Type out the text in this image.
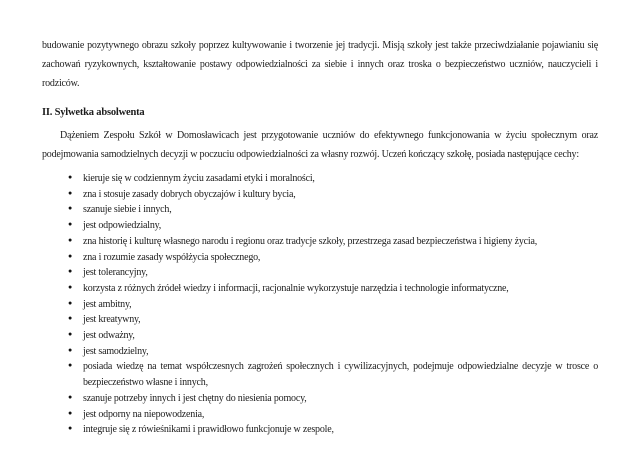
budowanie pozytywnego obrazu szkoły poprzez kultywowanie i tworzenie jej tradycji. Misją szkoły jest także przeciwdziałanie pojawianiu się zachowań ryzykownych, kształtowanie postawy odpowiedzialności za siebie i innych oraz troska o bezpieczeństwo uczniów, nauczycieli i rodziców.

II. Sylwetka absolwenta

Dążeniem Zespołu Szkół w Domosławicach jest przygotowanie uczniów do efektywnego funkcjonowania w życiu społecznym oraz podejmowania samodzielnych decyzji w poczuciu odpowiedzialności za własny rozwój. Uczeń kończący szkołę, posiada następujące cechy:

● kieruje się w codziennym życiu zasadami etyki i moralności,
● zna i stosuje zasady dobrych obyczajów i kultury bycia,
● szanuje siebie i innych,
● jest odpowiedzialny,
● zna historię i kulturę własnego narodu i regionu oraz tradycje szkoły, przestrzega zasad bezpieczeństwa i higieny życia,
● zna i rozumie zasady współżycia społecznego,
● jest tolerancyjny,
● korzysta z różnych źródeł wiedzy i informacji, racjonalnie wykorzystuje narzędzia i technologie informatyczne,
● jest ambitny,
● jest kreatywny,
● jest odważny,
● jest samodzielny,
● posiada wiedzę na temat współczesnych zagrożeń społecznych i cywilizacyjnych, podejmuje odpowiedzialne decyzje w trosce o bezpieczeństwo własne i innych,
● szanuje potrzeby innych i jest chętny do niesienia pomocy,
● jest odporny na niepowodzenia,
● integruje się z rówieśnikami i prawidłowo funkcjonuje w zespole,
